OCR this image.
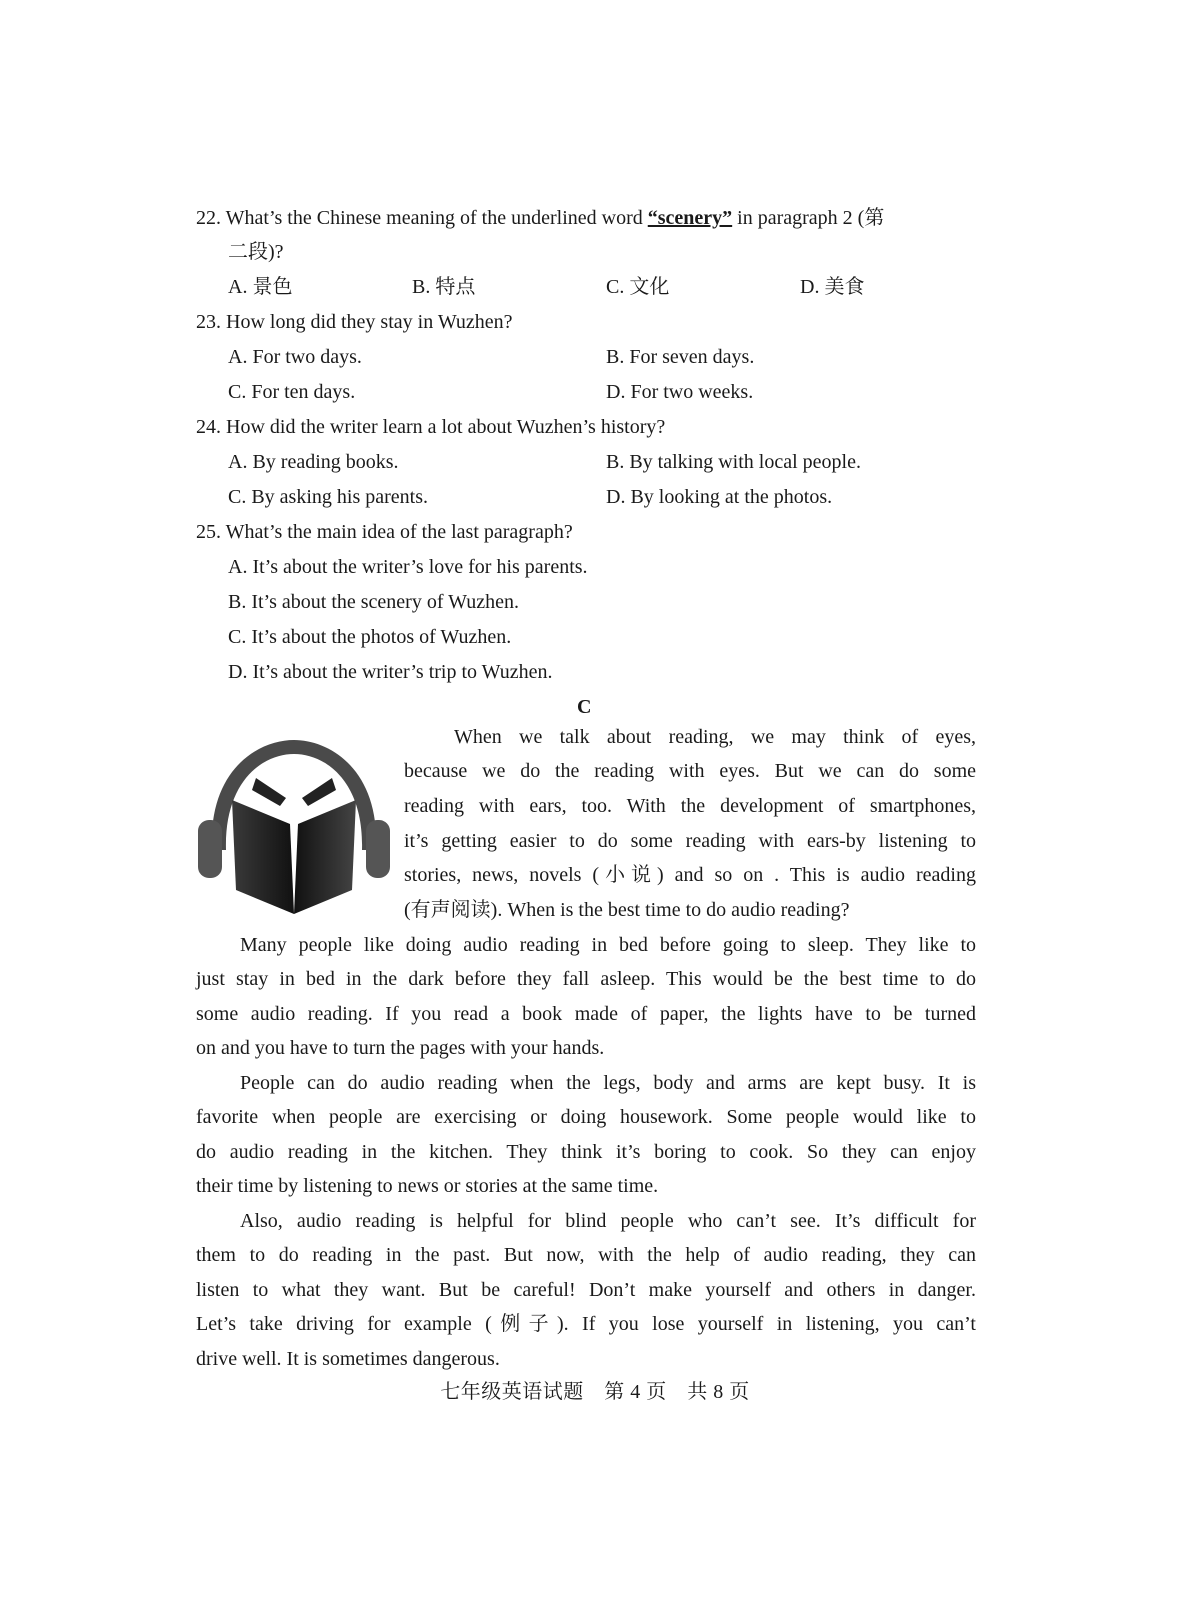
22. What’s the Chinese meaning of the underlined word “scenery” in paragraph 2 (第
二段)?
A. 景色	B. 特点	C. 文化	D. 美食
23. How long did they stay in Wuzhen?
A. For two days.	B. For seven days.
C. For ten days.	D. For two weeks.
24. How did the writer learn a lot about Wuzhen’s history?
A. By reading books.	B. By talking with local people.
C. By asking his parents.	D. By looking at the photos.
25. What’s the main idea of the last paragraph?
A. It’s about the writer’s love for his parents.
B. It’s about the scenery of Wuzhen.
C. It’s about the photos of Wuzhen.
D. It’s about the writer’s trip to Wuzhen.
C
When we talk about reading, we may think of eyes,
because we do the reading with eyes. But we can do some
reading with ears, too. With the development of smartphones,
it’s getting easier to do some reading with ears-by listening to
stories, news, novels (小说) and so on . This is audio reading
(有声阅读). When is the best time to do audio reading?
Many people like doing audio reading in bed before going to sleep. They like to
just stay in bed in the dark before they fall asleep. This would be the best time to do
some audio reading. If you read a book made of paper, the lights have to be turned
on and you have to turn the pages with your hands.
People can do audio reading when the legs, body and arms are kept busy. It is
favorite when people are exercising or doing housework. Some people would like to
do audio reading in the kitchen. They think it’s boring to cook. So they can enjoy
their time by listening to news or stories at the same time.
Also, audio reading is helpful for blind people who can’t see. It’s difficult for
them to do reading in the past. But now, with the help of audio reading, they can
listen to what they want. But be careful! Don’t make yourself and others in danger.
Let’s take driving for example (例子). If you lose yourself in listening, you can’t
drive well. It is sometimes dangerous.
七年级英语试题　第 4 页　共 8 页
